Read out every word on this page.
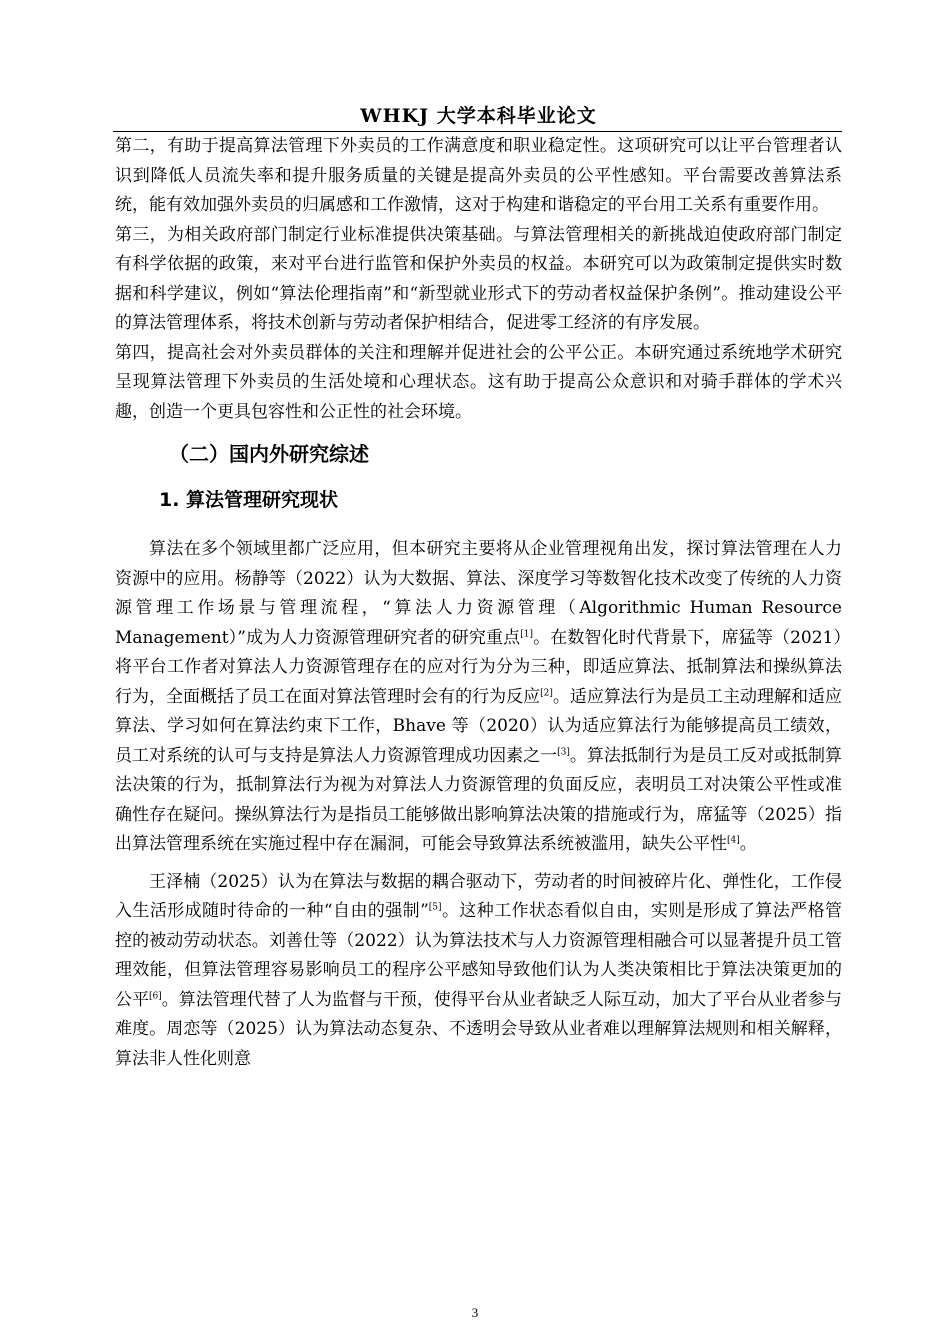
WHKJ 大学本科毕业论文

第二，有助于提高算法管理下外卖员的工作满意度和职业稳定性。这项研究可以让平台管理者认识到降低人员流失率和提升服务质量的关键是提高外卖员的公平性感知。平台需要改善算法系统，能有效加强外卖员的归属感和工作激情，这对于构建和谐稳定的平台用工关系有重要作用。

第三，为相关政府部门制定行业标准提供决策基础。与算法管理相关的新挑战迫使政府部门制定有科学依据的政策，来对平台进行监管和保护外卖员的权益。本研究可以为政策制定提供实时数据和科学建议，例如“算法伦理指南”和“新型就业形式下的劳动者权益保护条例”。推动建设公平的算法管理体系，将技术创新与劳动者保护相结合，促进零工经济的有序发展。

第四，提高社会对外卖员群体的关注和理解并促进社会的公平公正。本研究通过系统地学术研究呈现算法管理下外卖员的生活处境和心理状态。这有助于提高公众意识和对骑手群体的学术兴趣，创造一个更具包容性和公正性的社会环境。

（二）国内外研究综述
1. 算法管理研究现状

算法在多个领域里都广泛应用，但本研究主要将从企业管理视角出发，探讨算法管理在人力资源中的应用。杨静等（2022）认为大数据、算法、深度学习等数智化技术改变了传统的人力资源管理工作场景与管理流程，“算法人力资源管理（Algorithmic Human Resource Management）”成为人力资源管理研究者的研究重点[1]。在数智化时代背景下，席猛等（2021）将平台工作者对算法人力资源管理存在的应对行为分为三种，即适应算法、抵制算法和操纵算法行为，全面概括了员工在面对算法管理时会有的行为反应[2]。适应算法行为是员工主动理解和适应算法、学习如何在算法约束下工作，Bhave 等（2020）认为适应算法行为能够提高员工绩效，员工对系统的认可与支持是算法人力资源管理成功因素之一[3]。算法抵制行为是员工反对或抵制算法决策的行为，抵制算法行为视为对算法人力资源管理的负面反应，表明员工对决策公平性或准确性存在疑问。操纵算法行为是指员工能够做出影响算法决策的措施或行为，席猛等（2025）指出算法管理系统在实施过程中存在漏洞，可能会导致算法系统被滥用，缺失公平性[4]。

王泽楠（2025）认为在算法与数据的耦合驱动下，劳动者的时间被碎片化、弹性化，工作侵入生活形成随时待命的一种“自由的强制”[5]。这种工作状态看似自由，实则是形成了算法严格管控的被动劳动状态。刘善仕等（2022）认为算法技术与人力资源管理相融合可以显著提升员工管理效能，但算法管理容易影响员工的程序公平感知导致他们认为人类决策相比于算法决策更加的公平[6]。算法管理代替了人为监督与干预，使得平台从业者缺乏人际互动，加大了平台从业者参与难度。周恋等（2025）认为算法动态复杂、不透明会导致从业者难以理解算法规则和相关解释，算法非人性化则意

3
